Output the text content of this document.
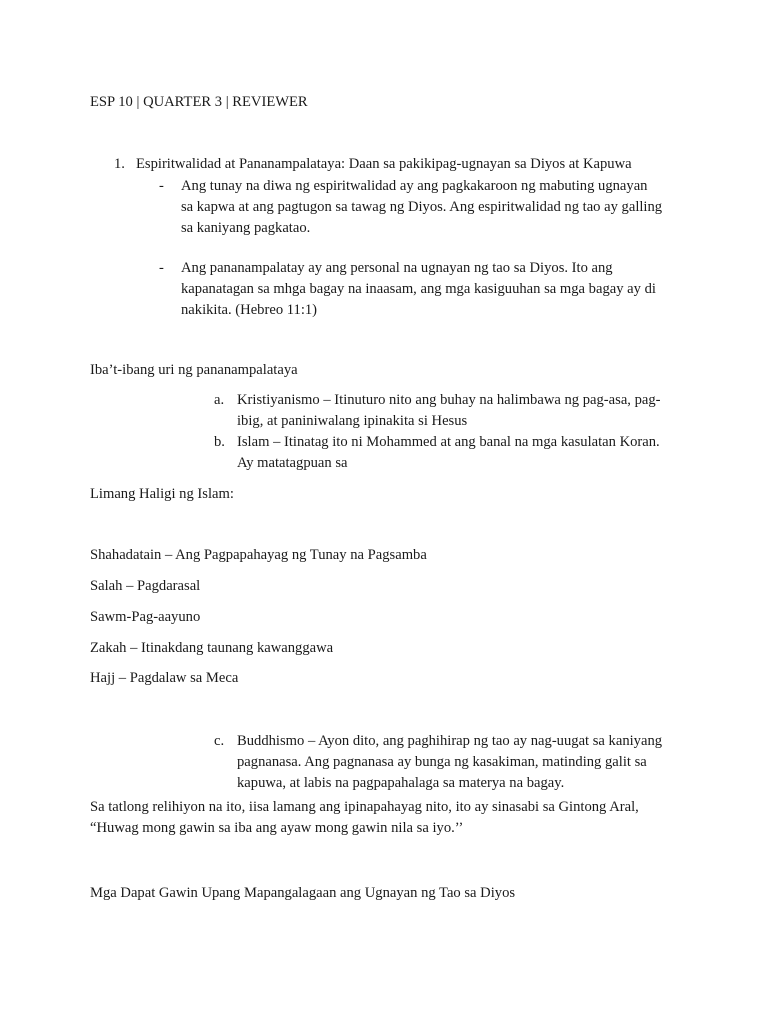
ESP 10 | QUARTER 3 | REVIEWER
1. Espiritwalidad at Pananampalataya: Daan sa pakikipag-ugnayan sa Diyos at Kapuwa
- Ang tunay na diwa ng espiritwalidad ay ang pagkakaroon ng mabuting ugnayan
sa kapwa at ang pagtugon sa tawag ng Diyos. Ang espiritwalidad ng tao ay galling
sa kaniyang pagkatao.
- Ang pananampalatay ay ang personal na ugnayan ng tao sa Diyos. Ito ang
kapanatagan sa mhga bagay na inaasam, ang mga kasiguuhan sa mga bagay ay di
nakikita. (Hebreo 11:1)
Iba’t-ibang uri ng pananampalataya
a. Kristiyanismo – Itinuturo nito ang buhay na halimbawa ng pag-asa, pag-
ibig, at paniniwalang ipinakita si Hesus
b. Islam – Itinatag ito ni Mohammed at ang banal na mga kasulatan Koran.
Ay matatagpuan sa
Limang Haligi ng Islam:
Shahadatain – Ang Pagpapahayag ng Tunay na Pagsamba
Salah – Pagdarasal
Sawm-Pag-aayuno
Zakah – Itinakdang taunang kawanggawa
Hajj – Pagdalaw sa Meca
c. Buddhismo – Ayon dito, ang paghihirap ng tao ay nag-uugat sa kaniyang
pagnanasa. Ang pagnanasa ay bunga ng kasakiman, matinding galit sa
kapuwa, at labis na pagpapahalaga sa materya na bagay.
Sa tatlong relihiyon na ito, iisa lamang ang ipinapahayag nito, ito ay sinasabi sa Gintong Aral,
“Huwag mong gawin sa iba ang ayaw mong gawin nila sa iyo.’’
Mga Dapat Gawin Upang Mapangalagaan ang Ugnayan ng Tao sa Diyos
